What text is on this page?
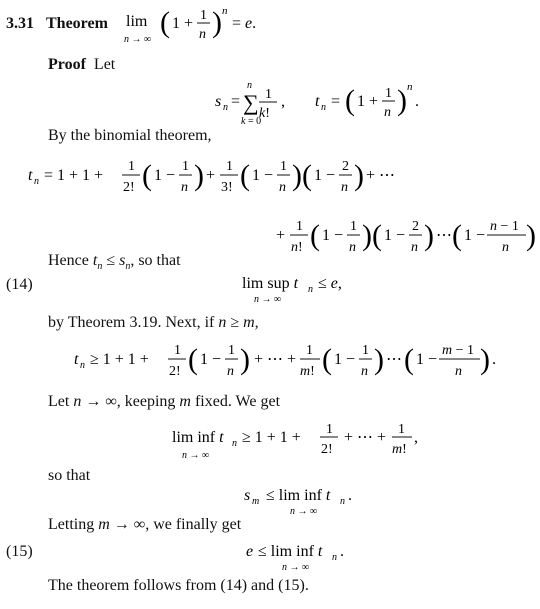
3.31 Theorem lim
n → ∞
( 1 + 1
n ) n
= e.
Proof Let
s n =
n
∑
k = 0
1
k!
, t n = ( 1 + 1
n ) n
.
By the binomial theorem,
t n = 1 + 1 +
1
2! ( 1 −
1
n ) +
1
3! ( 1 −
1
n ) ( 1 −
2
n ) + ⋯
+
1
n! ( 1 −
1
n ) ( 1 −
2
n ) ⋯ ( 1 −
n − 1
n )
Hence $t_n \le s_n$, so that
(14)	lim sup t n ≤ e,
n → ∞
by Theorem 3.19. Next, if n ≥ m,
t n ≥ 1 + 1 +
1
2! ( 1 −
1
n ) + ⋯ +
1
m! ( 1 −
1
n ) ⋯ ( 1 −
m − 1
n ) .
Let n → ∞, keeping m fixed. We get
lim inf t n ≥ 1 + 1 + 1
2!
+ ⋯ + 1
m!
,
n → ∞
so that
s m ≤ lim inf t n .
n → ∞
Letting m → ∞, we finally get
(15)	e ≤ lim inf t n .
n → ∞
The theorem follows from (14) and (15).
